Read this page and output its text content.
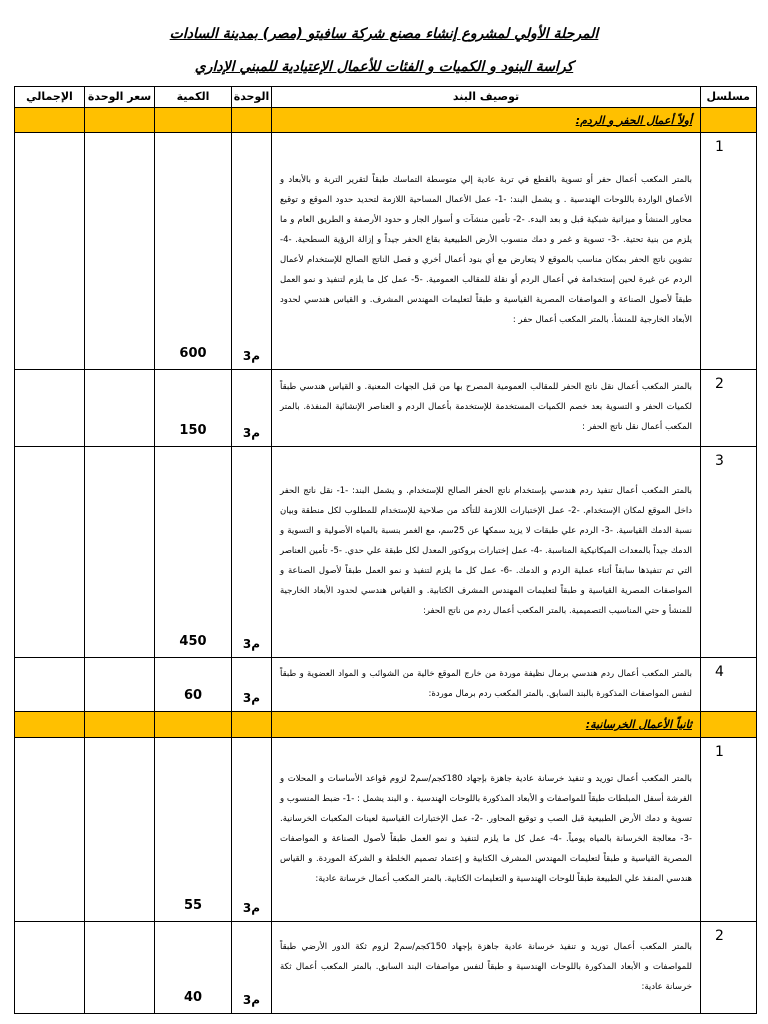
المرحلة الأولي لمشروع إنشاء مصنع شركة سافيتو (مصر) بمدينة السادات
كراسة البنود و الكميات و الفئات للأعمال الإعتيادية للمبني الإداري
مسلسل	توصيف البند	الوحدة	الكمية	سعر الوحدة	الإجمالي
	أولاً أعمال الحفر و الردم:				
1	بالمتر المكعب أعمال حفر أو تسوية بالقطع في تربة عادية إلي متوسطة التماسك طبقاً لتقرير التربة و بالأبعاد و الأعماق الواردة باللوحات الهندسية . و يشمل البند: -1- عمل الأعمال المساحية اللازمة لتحديد حدود الموقع و توقيع محاور المنشأ و ميزانية شبكية قبل و بعد البدء. -2- تأمين منشآت و أسوار الجار و حدود الأرصفة و الطريق العام و ما يلزم من بنية تحتية. -3- تسوية و غمر و دمك منسوب الأرض الطبيعية بقاع الحفر جيداً و إزالة الرؤية السطحية. -4- تشوين ناتج الحفر بمكان مناسب بالموقع لا يتعارض مع أي بنود أعمال أخري و فصل الناتج الصالح للإستخدام لأعمال الردم عن غيرة لحين إستخدامة في أعمال الردم أو نقلة للمقالب العمومية. -5- عمل كل ما يلزم لتنفيذ و نمو العمل طبقاً لأصول الصناعة و المواصفات المصرية القياسية و طبقاً لتعليمات المهندس المشرف. و القياس هندسي لحدود الأبعاد الخارجية للمنشأ. بالمتر المكعب أعمال حفر :	م3	600		
2	بالمتر المكعب أعمال نقل ناتج الحفر للمقالب العمومية المصرح بها من قبل الجهات المعنية. و القياس هندسي طبقاً لكميات الحفر و التسوية بعد خصم الكميات المستخدمة للإستخدمة بأعمال الردم و العناصر الإنشائية المنفذة. بالمتر المكعب أعمال نقل ناتج الحفر :	م3	150		
3	بالمتر المكعب أعمال تنفيذ ردم هندسي بإستخدام ناتج الحفر الصالح للإستخدام. و يشمل البند: -1- نقل ناتج الحفر داخل الموقع لمكان الإستخدام. -2- عمل الإختبارات اللازمة للتأكد من صلاحية للإستخدام للمطلوب لكل منطقة وبيان نسبة الدمك القياسية. -3- الردم علي طبقات لا يزيد سمكها عن 25سم، مع الغمر بنسبة بالمياه الأصولية و التسوية و الدمك جيداً بالمعدات الميكانيكية المناسبة. -4- عمل إختبارات بروكتور المعدل لكل طبقة علي حدي. -5- تأمين العناصر التي تم تنفيذها سابقاً أثناء عملية الردم و الدمك. -6- عمل كل ما يلزم لتنفيذ و نمو العمل طبقاً لأصول الصناعة و المواصفات المصرية القياسية و طبقاً لتعليمات المهندس المشرف الكتابية. و القياس هندسي لحدود الأبعاد الخارجية للمنشأ و حتي المناسيب التصميمية. بالمتر المكعب أعمال ردم من ناتج الحفر:	م3	450		
4	بالمتر المكعب أعمال ردم هندسي برمال نظيفة موردة من خارج الموقع خالية من الشوائب و المواد العضوية و طبقاً لنفس المواصفات المذكورة بالبند السابق. بالمتر المكعب ردم برمال موردة:	م3	60		
	ثانياً الأعمال الخرسانية:				
1	بالمتر المكعب أعمال توريد و تنفيذ خرسانة عادية جاهزة بإجهاد 180كجم/سم2 لزوم قواعد الأساسات و المحلات و الفرشة أسفل المبلطات طبقاً للمواصفات و الأبعاد المذكورة باللوحات الهندسية . و البند يشمل : -1- ضبط المنسوب و تسوية و دمك الأرض الطبيعية قبل الصب و توقيع المحاور. -2- عمل الإختبارات القياسية لعينات المكعبات الخرسانية. -3- معالجة الخرسانة بالمياه يومياً. -4- عمل كل ما يلزم لتنفيذ و نمو العمل طبقاً لأصول الصناعة و المواصفات المصرية القياسية و طبقاً لتعليمات المهندس المشرف الكتابية و إعتماد تصميم الخلطة و الشركة الموردة. و القياس هندسي المنفذ علي الطبيعة طبقاً للوحات الهندسية و التعليمات الكتابية. بالمتر المكعب أعمال خرسانة عادية:	م3	55		
2	بالمتر المكعب أعمال توريد و تنفيذ خرسانة عادية جاهزة بإجهاد 150كجم/سم2 لزوم ثكة الدور الأرضي طبقاً للمواصفات و الأبعاد المذكورة باللوحات الهندسية و طبقاً لنفس مواصفات البند السابق. بالمتر المكعب أعمال ثكة خرسانة عادية:	م3	40		
